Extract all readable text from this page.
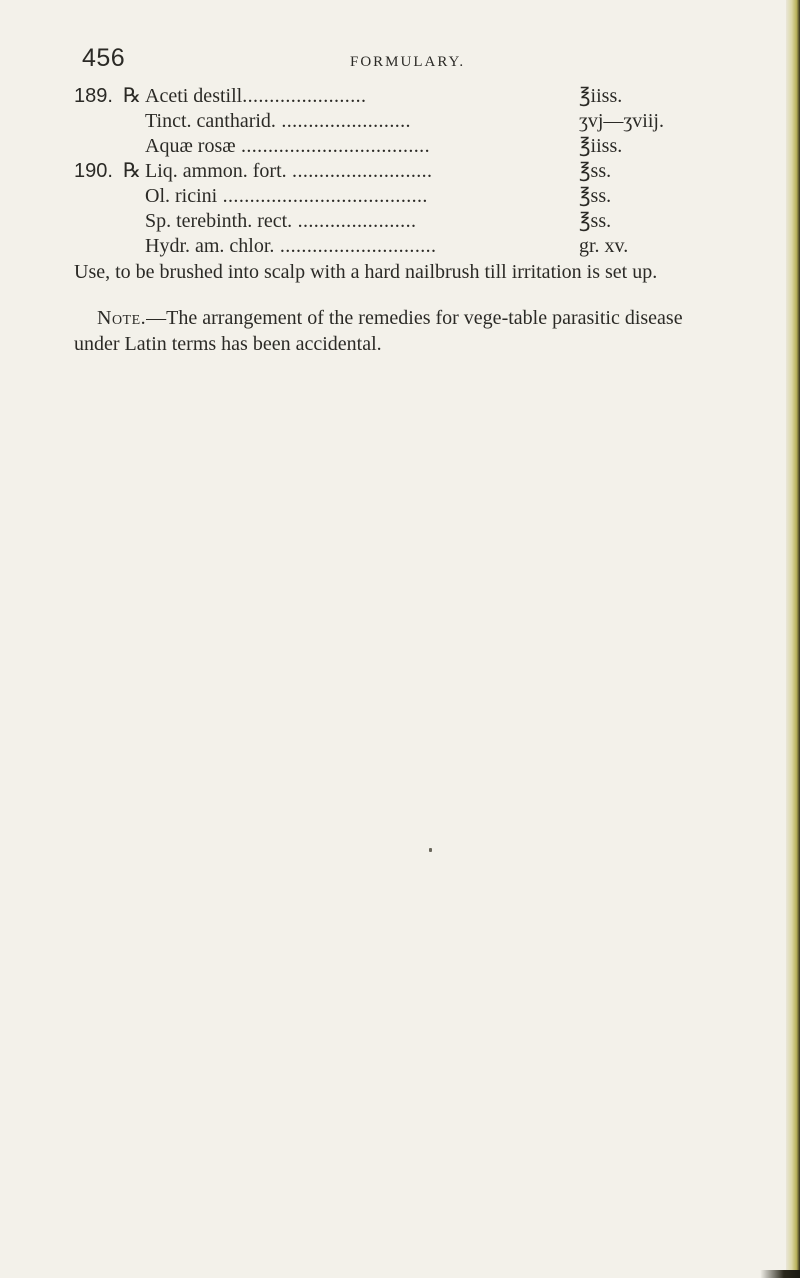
456	FORMULARY.
189. ℞ Aceti destill.......................	℥iiss.
Tinct. cantharid. ........................	ʒvj—ʒviij.
Aquæ rosæ ...................................	℥iiss.
190. ℞ Liq. ammon. fort. ..........................	℥ss.
Ol. ricini ......................................	℥ss.
Sp. terebinth. rect. ......................	℥ss.
Hydr. am. chlor. .............................	gr. xv.

Use, to be brushed into scalp with a hard nailbrush till irritation is set up.

Note.—The arrangement of the remedies for vege-table parasitic disease under Latin terms has been accidental.
